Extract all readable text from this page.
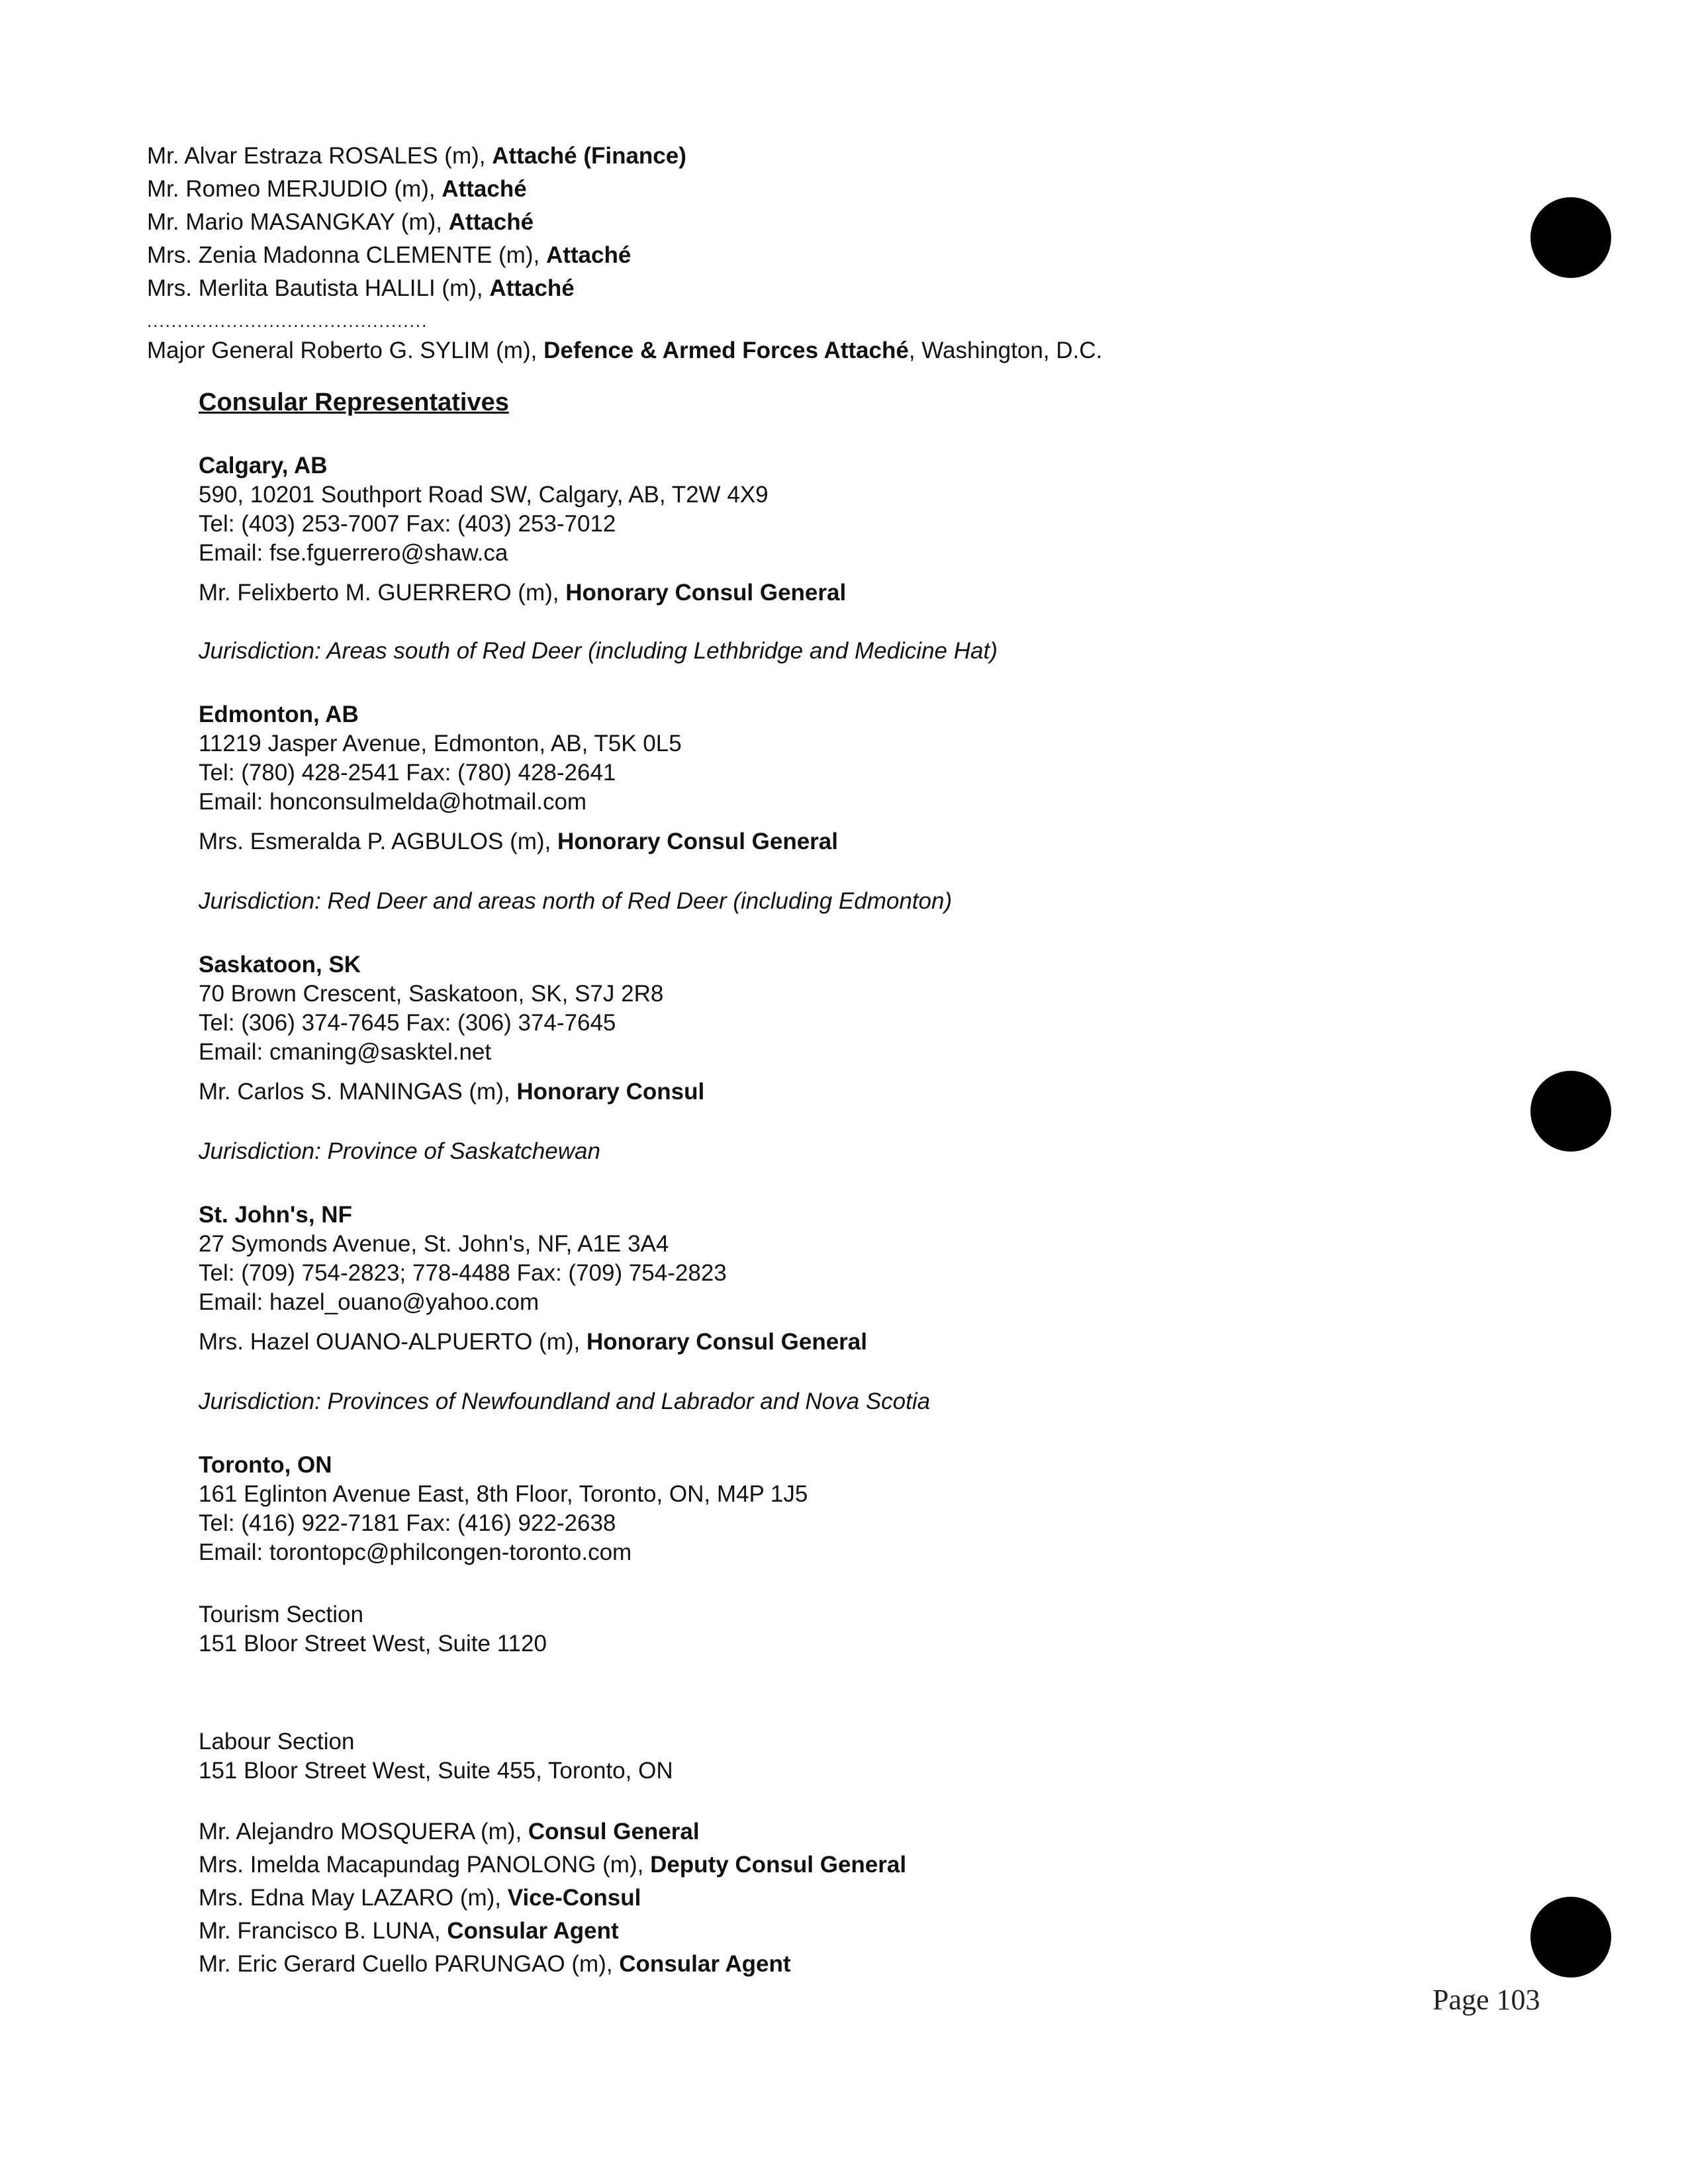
Mr. Alvar Estraza ROSALES (m), Attaché (Finance)
Mr. Romeo MERJUDIO (m), Attaché
Mr. Mario MASANGKAY (m), Attaché
Mrs. Zenia Madonna CLEMENTE (m), Attaché
Mrs. Merlita Bautista HALILI (m), Attaché
..............................................
Major General Roberto G. SYLIM (m), Defence & Armed Forces Attaché, Washington, D.C.
Consular Representatives
Calgary, AB
590, 10201 Southport Road SW, Calgary, AB, T2W 4X9
Tel: (403) 253-7007 Fax: (403) 253-7012
Email: fse.fguerrero@shaw.ca
Mr. Felixberto M. GUERRERO (m), Honorary Consul General
Jurisdiction: Areas south of Red Deer (including Lethbridge and Medicine Hat)
Edmonton, AB
11219 Jasper Avenue, Edmonton, AB, T5K 0L5
Tel: (780) 428-2541 Fax: (780) 428-2641
Email: honconsulmelda@hotmail.com
Mrs. Esmeralda P. AGBULOS (m), Honorary Consul General
Jurisdiction: Red Deer and areas north of Red Deer (including Edmonton)
Saskatoon, SK
70 Brown Crescent, Saskatoon, SK, S7J 2R8
Tel: (306) 374-7645 Fax: (306) 374-7645
Email: cmaning@sasktel.net
Mr. Carlos S. MANINGAS (m), Honorary Consul
Jurisdiction: Province of Saskatchewan
St. John's, NF
27 Symonds Avenue, St. John's, NF, A1E 3A4
Tel: (709) 754-2823; 778-4488 Fax: (709) 754-2823
Email: hazel_ouano@yahoo.com
Mrs. Hazel OUANO-ALPUERTO (m), Honorary Consul General
Jurisdiction: Provinces of Newfoundland and Labrador and Nova Scotia
Toronto, ON
161 Eglinton Avenue East, 8th Floor, Toronto, ON, M4P 1J5
Tel: (416) 922-7181 Fax: (416) 922-2638
Email: torontopc@philcongen-toronto.com
Tourism Section
151 Bloor Street West, Suite 1120
Labour Section
151 Bloor Street West, Suite 455, Toronto, ON
Mr. Alejandro MOSQUERA (m), Consul General
Mrs. Imelda Macapundag PANOLONG (m), Deputy Consul General
Mrs. Edna May LAZARO (m), Vice-Consul
Mr. Francisco B. LUNA, Consular Agent
Mr. Eric Gerard Cuello PARUNGAO (m), Consular Agent
Page 103
